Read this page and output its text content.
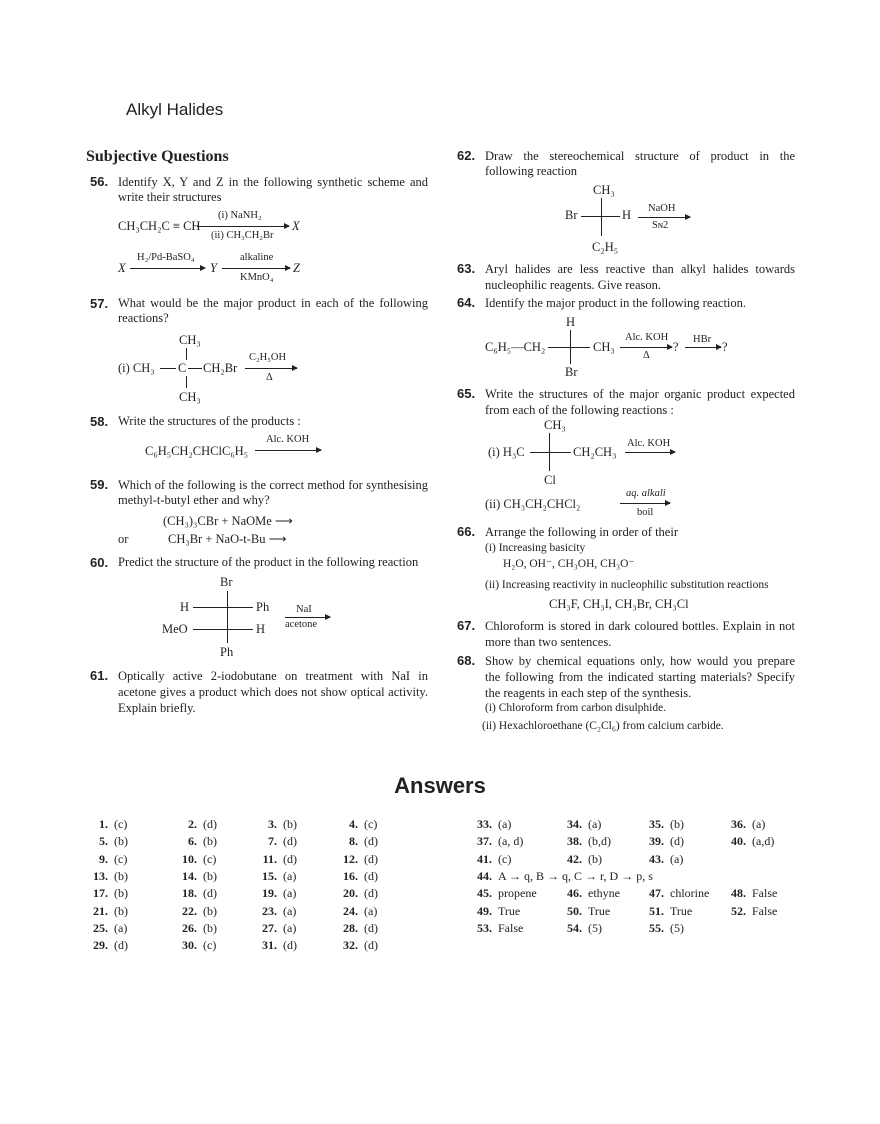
Alkyl Halides
Subjective Questions
56. Identify X, Y and Z in the following synthetic scheme and
write their structures
CH₃CH₂C ≡ CH
(i) NaNH₂
(ii) CH₃CH₂Br
X
X
H₂/Pd-BaSO₄
Y
alkaline
KMnO₄
Z
57. What would be the major product in each of the following
reactions?
CH₃
(i) CH₃ C CH₂Br
CH₃
C₂H₅OH
Δ
58. Write the structures of the products :
C₆H₅CH₂CHClC₆H₅
Alc. KOH
59. Which of the following is the correct method for synthesising
methyl-t-butyl ether and why?
(CH₃)₃CBr + NaOMe ⟶
or	CH₃Br + NaO-t-Bu ⟶
60. Predict the structure of the product in the following reaction
Br
H	Ph
MeO	H
Ph
NaI
acetone
61. Optically active 2-iodobutane on treatment with NaI in
acetone gives a product which does not show optical activity.
Explain briefly.
62. Draw the stereochemical structure of product in the
following reaction
CH₃
Br	H
C₂H₅
NaOH
Sɴ2
63. Aryl halides are less reactive than alkyl halides towards
nucleophilic reagents. Give reason.
64. Identify the major product in the following reaction.
H
C₆H₅—CH₂	CH₃
Br
Alc. KOH
Δ
?
HBr
→ ?
65. Write the structures of the major organic product expected
from each of the following reactions :
CH₃
(i) H₃C	CH₂CH₃
Cl
Alc. KOH
(ii) CH₃CH₂CHCl₂
aq. alkali
boil
66. Arrange the following in order of their
(i) Increasing basicity
H₂O, OH⁻, CH₃OH, CH₃O⁻
(ii) Increasing reactivity in nucleophilic substitution reactions
CH₃F, CH₃I, CH₃Br, CH₃Cl
67. Chloroform is stored in dark coloured bottles. Explain in not
more than two sentences.
68. Show by chemical equations only, how would you prepare
the following from the indicated starting materials? Specify
the reagents in each step of the synthesis.
(i) Chloroform from carbon disulphide.
(ii) Hexachloroethane (C₂Cl₆) from calcium carbide.
Answers
1. (c)	2. (d)	3. (b)	4. (c)
5. (b)	6. (b)	7. (d)	8. (d)
9. (c)	10. (c)	11. (d)	12. (d)
13. (b)	14. (b)	15. (a)	16. (d)
17. (b)	18. (d)	19. (a)	20. (d)
21. (b)	22. (b)	23. (a)	24. (a)
25. (a)	26. (b)	27. (a)	28. (d)
29. (d)	30. (c)	31. (d)	32. (d)
33. (a)	34. (a)	35. (b)	36. (a)
37. (a, d)	38. (b,d)	39. (d)	40. (a,d)
41. (c)	42. (b)	43. (a)
44. A → q, B → q, C → r, D → p, s
45. propene	46. ethyne	47. chlorine	48. False
49. True	50. True	51. True	52. False
53. False	54. (5)	55. (5)
